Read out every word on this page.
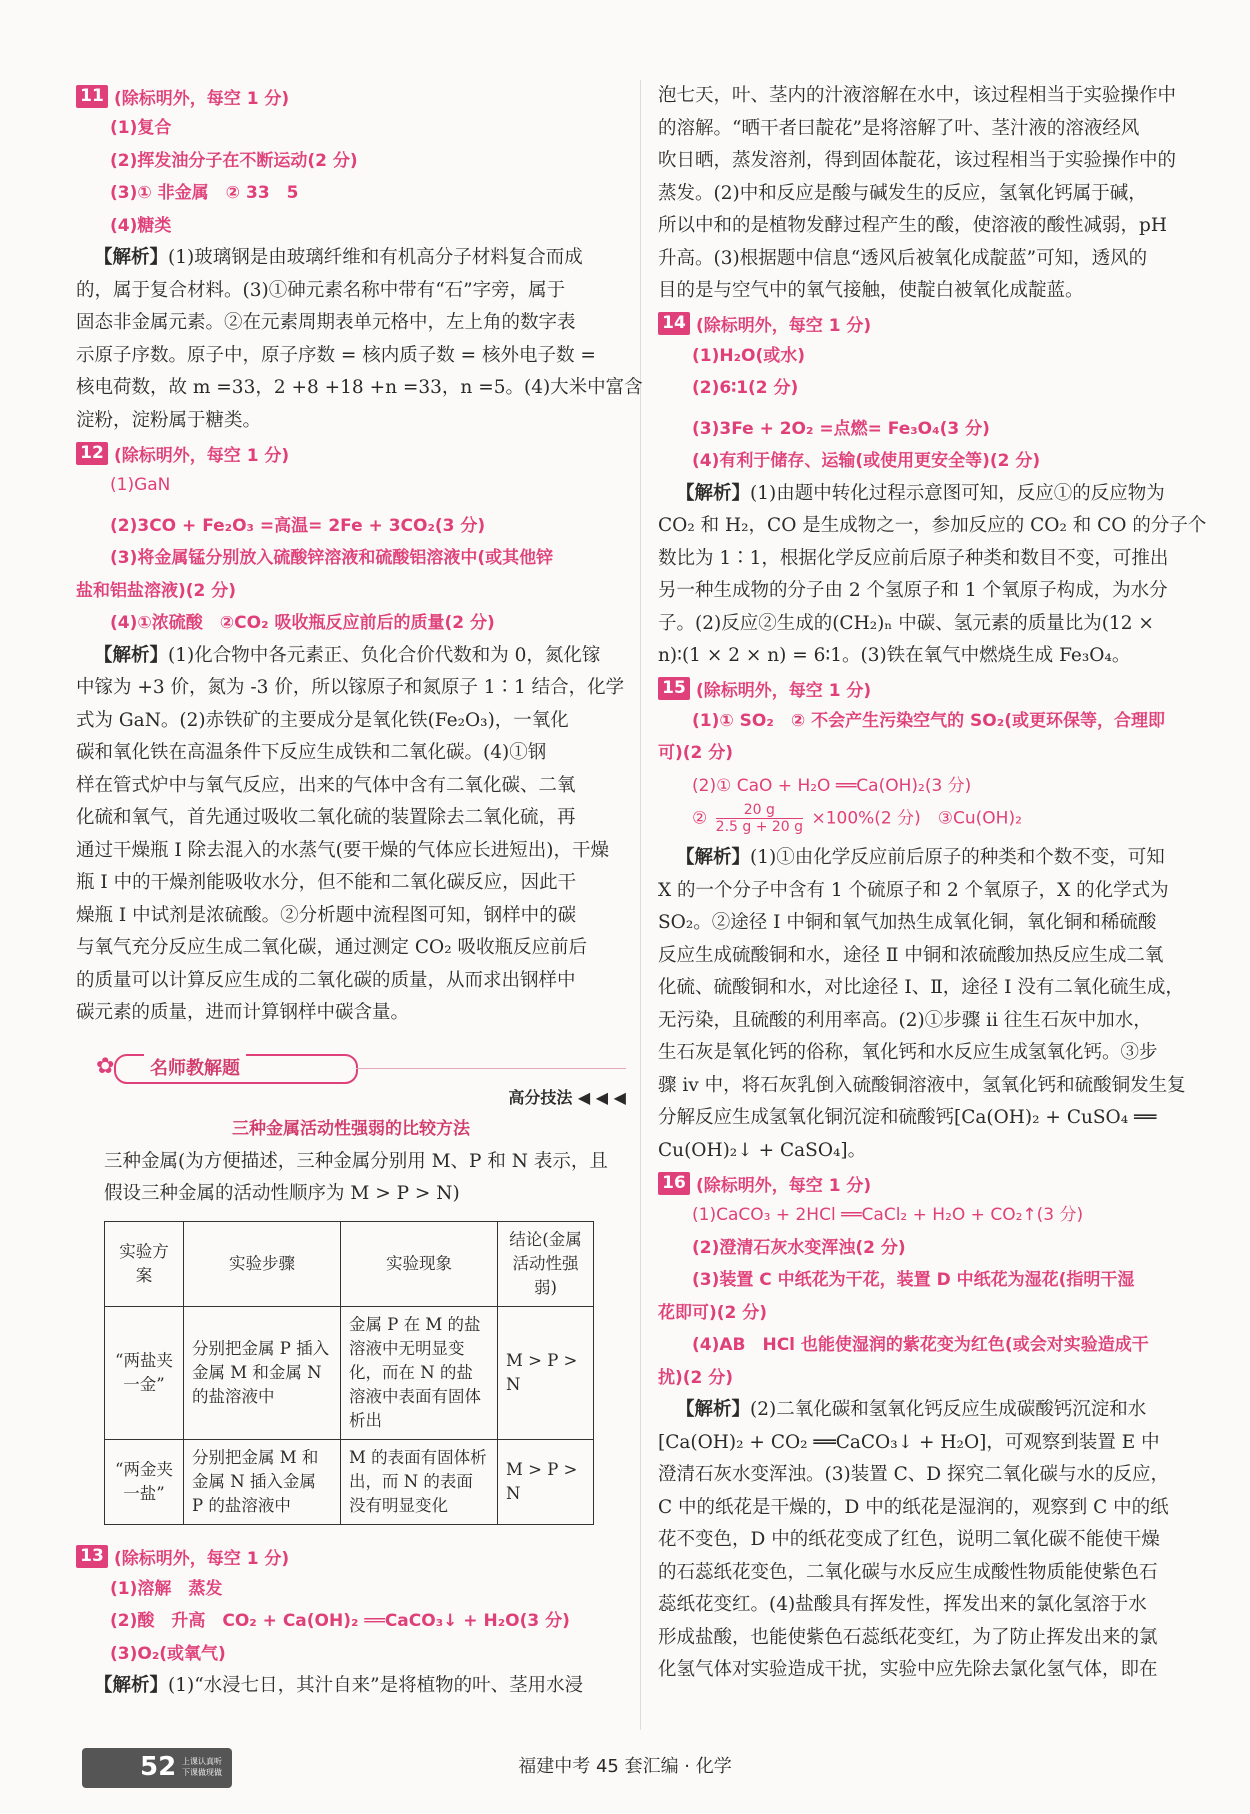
11 (除标明外，每空 1 分)
(1)复合
(2)挥发油分子在不断运动(2 分)
(3)① 非金属　② 33　5
(4)糖类
【解析】(1)玻璃钢是由玻璃纤维和有机高分子材料复合而成
的，属于复合材料。(3)①砷元素名称中带有“石”字旁，属于
固态非金属元素。②在元素周期表单元格中，左上角的数字表
示原子序数。原子中，原子序数 = 核内质子数 = 核外电子数 =
核电荷数，故 m =33，2 +8 +18 +n =33，n =5。(4)大米中富含
淀粉，淀粉属于糖类。
12 (除标明外，每空 1 分)
(1)GaN
(2)3CO + Fe₂O₃ =高温= 2Fe + 3CO₂(3 分)
(3)将金属锰分别放入硫酸锌溶液和硫酸铝溶液中(或其他锌
盐和铝盐溶液)(2 分)
(4)①浓硫酸　②CO₂ 吸收瓶反应前后的质量(2 分)
【解析】(1)化合物中各元素正、负化合价代数和为 0，氮化镓
中镓为 +3 价，氮为 -3 价，所以镓原子和氮原子 1∶1 结合，化学
式为 GaN。(2)赤铁矿的主要成分是氧化铁(Fe₂O₃)，一氧化
碳和氧化铁在高温条件下反应生成铁和二氧化碳。(4)①钢
样在管式炉中与氧气反应，出来的气体中含有二氧化碳、二氧
化硫和氧气，首先通过吸收二氧化硫的装置除去二氧化硫，再
通过干燥瓶 Ⅰ 除去混入的水蒸气(要干燥的气体应长进短出)，干燥
瓶 Ⅰ 中的干燥剂能吸收水分，但不能和二氧化碳反应，因此干
燥瓶 Ⅰ 中试剂是浓硫酸。②分析题中流程图可知，钢样中的碳
与氧气充分反应生成二氧化碳，通过测定 CO₂ 吸收瓶反应前后
的质量可以计算反应生成的二氧化碳的质量，从而求出钢样中
碳元素的质量，进而计算钢样中碳含量。
✿	名师教解题
高分技法 ◀ ◀ ◀
三种金属活动性强弱的比较方法
三种金属(为方便描述，三种金属分别用 M、P 和 N 表示，且
假设三种金属的活动性顺序为 M > P > N)
实验方案	实验步骤	实验现象	结论(金属活动性强弱)
“两盐夹一金”	分别把金属 P 插入金属 M 和金属 N 的盐溶液中	金属 P 在 M 的盐溶液中无明显变化，而在 N 的盐溶液中表面有固体析出	M > P > N
“两金夹一盐”	分别把金属 M 和金属 N 插入金属 P 的盐溶液中	M 的表面有固体析出，而 N 的表面没有明显变化	M > P > N
13 (除标明外，每空 1 分)
(1)溶解　蒸发
(2)酸　升高　CO₂ + Ca(OH)₂ ══CaCO₃↓ + H₂O(3 分)
(3)O₂(或氧气)
【解析】(1)“水浸七日，其汁自来”是将植物的叶、茎用水浸
泡七天，叶、茎内的汁液溶解在水中，该过程相当于实验操作中
的溶解。“晒干者曰靛花”是将溶解了叶、茎汁液的溶液经风
吹日晒，蒸发溶剂，得到固体靛花，该过程相当于实验操作中的
蒸发。(2)中和反应是酸与碱发生的反应，氢氧化钙属于碱，
所以中和的是植物发酵过程产生的酸，使溶液的酸性减弱，pH
升高。(3)根据题中信息“透风后被氧化成靛蓝”可知，透风的
目的是与空气中的氧气接触，使靛白被氧化成靛蓝。
14 (除标明外，每空 1 分)
(1)H₂O(或水)
(2)6∶1(2 分)
(3)3Fe + 2O₂ =点燃= Fe₃O₄(3 分)
(4)有利于储存、运输(或使用更安全等)(2 分)
【解析】(1)由题中转化过程示意图可知，反应①的反应物为
CO₂ 和 H₂，CO 是生成物之一，参加反应的 CO₂ 和 CO 的分子个
数比为 1∶1，根据化学反应前后原子种类和数目不变，可推出
另一种生成物的分子由 2 个氢原子和 1 个氧原子构成，为水分
子。(2)反应②生成的(CH₂)ₙ 中碳、氢元素的质量比为(12 ×
n)∶(1 × 2 × n) = 6∶1。(3)铁在氧气中燃烧生成 Fe₃O₄。
15 (除标明外，每空 1 分)
(1)① SO₂　② 不会产生污染空气的 SO₂(或更环保等，合理即
可)(2 分)
(2)① CaO + H₂O ══Ca(OH)₂(3 分)
② $\frac{20 g}{2.5 g + 20 g} \times 100\%(2$ 分)　③Cu(OH)₂
【解析】(1)①由化学反应前后原子的种类和个数不变，可知
X 的一个分子中含有 1 个硫原子和 2 个氧原子，X 的化学式为
SO₂。②途径 Ⅰ 中铜和氧气加热生成氧化铜，氧化铜和稀硫酸
反应生成硫酸铜和水，途径 Ⅱ 中铜和浓硫酸加热反应生成二氧
化硫、硫酸铜和水，对比途径 Ⅰ、Ⅱ，途径 Ⅰ 没有二氧化硫生成，
无污染，且硫酸的利用率高。(2)①步骤 ⅱ 往生石灰中加水，
生石灰是氧化钙的俗称，氧化钙和水反应生成氢氧化钙。③步
骤 ⅳ 中，将石灰乳倒入硫酸铜溶液中，氢氧化钙和硫酸铜发生复
分解反应生成氢氧化铜沉淀和硫酸钙[Ca(OH)₂ + CuSO₄ ══
Cu(OH)₂↓ + CaSO₄]。
16 (除标明外，每空 1 分)
(1)CaCO₃ + 2HCl ══CaCl₂ + H₂O + CO₂↑(3 分)
(2)澄清石灰水变浑浊(2 分)
(3)装置 C 中纸花为干花，装置 D 中纸花为湿花(指明干湿
花即可)(2 分)
(4)AB　HCl 也能使湿润的紫花变为红色(或会对实验造成干
扰)(2 分)
【解析】(2)二氧化碳和氢氧化钙反应生成碳酸钙沉淀和水
[Ca(OH)₂ + CO₂ ══CaCO₃↓ + H₂O]，可观察到装置 E 中
澄清石灰水变浑浊。(3)装置 C、D 探究二氧化碳与水的反应，
C 中的纸花是干燥的，D 中的纸花是湿润的，观察到 C 中的纸
花不变色，D 中的纸花变成了红色，说明二氧化碳不能使干燥
的石蕊纸花变色，二氧化碳与水反应生成酸性物质能使紫色石
蕊纸花变红。(4)盐酸具有挥发性，挥发出来的氯化氢溶于水
形成盐酸，也能使紫色石蕊纸花变红，为了防止挥发出来的氯
化氢气体对实验造成干扰，实验中应先除去氯化氢气体，即在
52 上课认真听 下课做现做	福建中考 45 套汇编 · 化学
